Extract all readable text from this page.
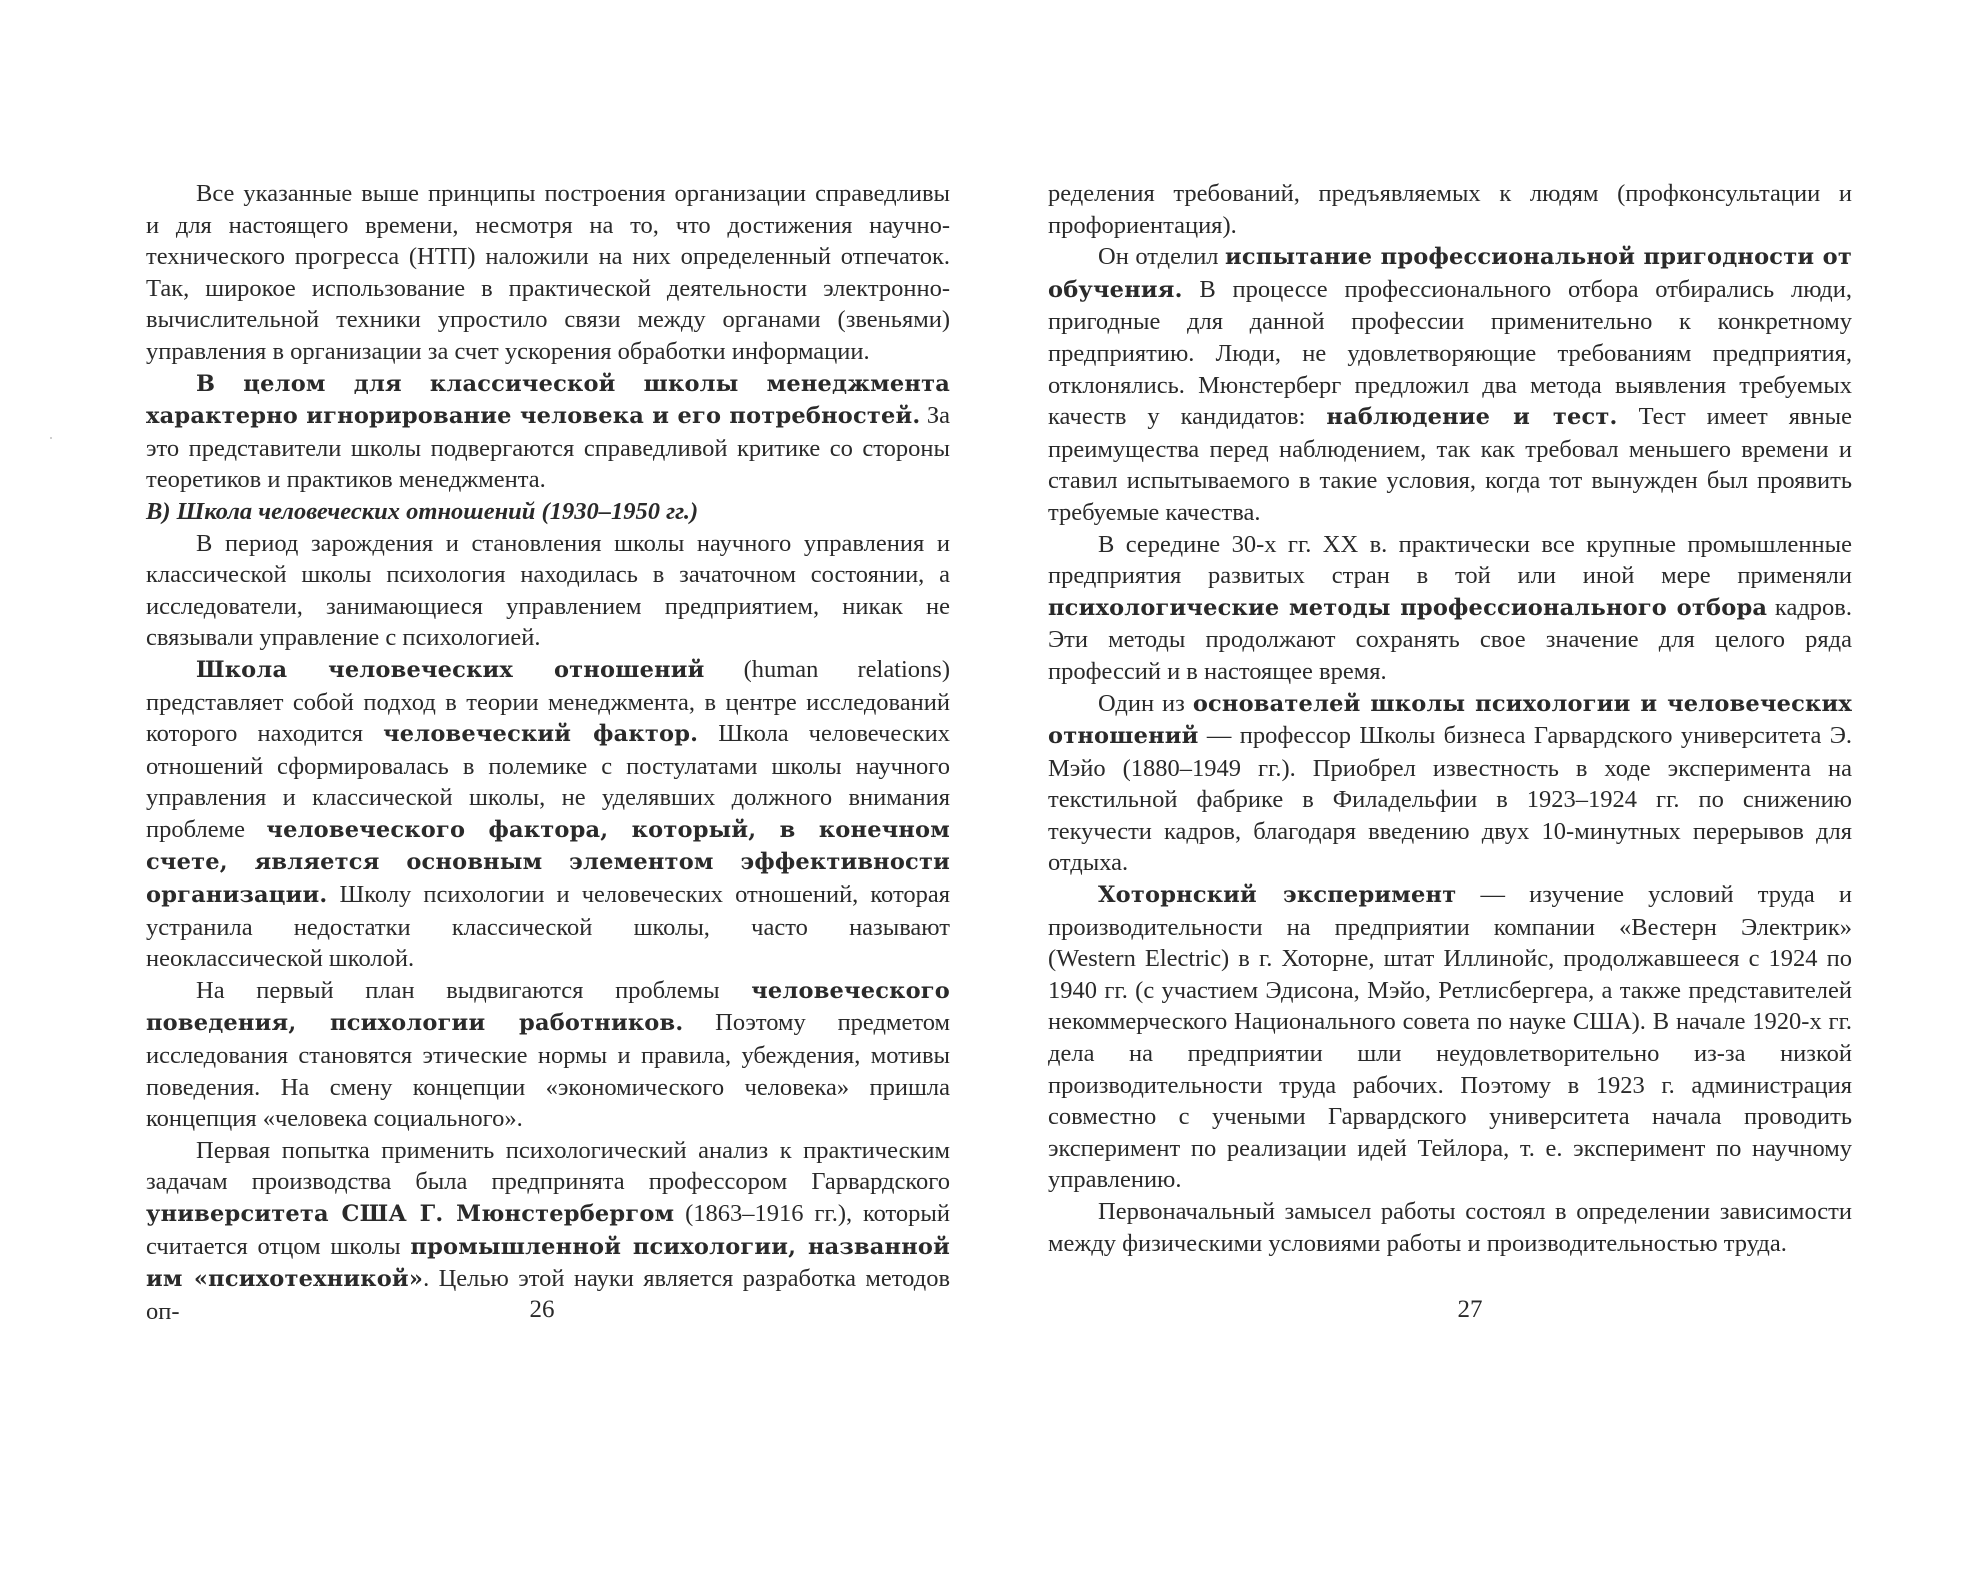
Все указанные выше принципы построения организации справедливы и для настоящего времени, несмотря на то, что достижения научно-технического прогресса (НТП) наложили на них определенный отпечаток. Так, широкое использование в практической деятельности электронно-вычислительной техники упростило связи между органами (звеньями) управления в организации за счет ускорения обработки информации.

В целом для классической школы менеджмента характерно игнорирование человека и его потребностей. За это представители школы подвергаются справедливой критике со стороны теоретиков и практиков менеджмента.

В) Школа человеческих отношений (1930–1950 гг.)

В период зарождения и становления школы научного управления и классической школы психология находилась в зачаточном состоянии, а исследователи, занимающиеся управлением предприятием, никак не связывали управление с психологией.

Школа человеческих отношений (human relations) представляет собой подход в теории менеджмента, в центре исследований которого находится человеческий фактор. Школа человеческих отношений сформировалась в полемике с постулатами школы научного управления и классической школы, не уделявших должного внимания проблеме человеческого фактора, который, в конечном счете, является основным элементом эффективности организации. Школу психологии и человеческих отношений, которая устранила недостатки классической школы, часто называют неоклассической школой.

На первый план выдвигаются проблемы человеческого поведения, психологии работников. Поэтому предметом исследования становятся этические нормы и правила, убеждения, мотивы поведения. На смену концепции «экономического человека» пришла концепция «человека социального».

Первая попытка применить психологический анализ к практическим задачам производства была предпринята профессором Гарвардского университета США Г. Мюнстербергом (1863–1916 гг.), который считается отцом школы промышленной психологии, названной им «психотехникой». Целью этой науки является разработка методов оп-	26

ределения требований, предъявляемых к людям (профконсультации и профориентация).

Он отделил испытание профессиональной пригодности от обучения. В процессе профессионального отбора отбирались люди, пригодные для данной профессии применительно к конкретному предприятию. Люди, не удовлетворяющие требованиям предприятия, отклонялись. Мюнстерберг предложил два метода выявления требуемых качеств у кандидатов: наблюдение и тест. Тест имеет явные преимущества перед наблюдением, так как требовал меньшего времени и ставил испытываемого в такие условия, когда тот вынужден был проявить требуемые качества.

В середине 30-х гг. XX в. практически все крупные промышленные предприятия развитых стран в той или иной мере применяли психологические методы профессионального отбора кадров. Эти методы продолжают сохранять свое значение для целого ряда профессий и в настоящее время.

Один из основателей школы психологии и человеческих отношений — профессор Школы бизнеса Гарвардского университета Э. Мэйо (1880–1949 гг.). Приобрел известность в ходе эксперимента на текстильной фабрике в Филадельфии в 1923–1924 гг. по снижению текучести кадров, благодаря введению двух 10-минутных перерывов для отдыха.

Хоторнский эксперимент — изучение условий труда и производительности на предприятии компании «Вестерн Электрик» (Western Electric) в г. Хоторне, штат Иллинойс, продолжавшееся с 1924 по 1940 гг. (с участием Эдисона, Мэйо, Ретлисбергера, а также представителей некоммерческого Национального совета по науке США). В начале 1920-х гг. дела на предприятии шли неудовлетворительно из-за низкой производительности труда рабочих. Поэтому в 1923 г. администрация совместно с учеными Гарвардского университета начала проводить эксперимент по реализации идей Тейлора, т. е. эксперимент по научному управлению.

Первоначальный замысел работы состоял в определении зависимости между физическими условиями работы и производительностью труда.

27
